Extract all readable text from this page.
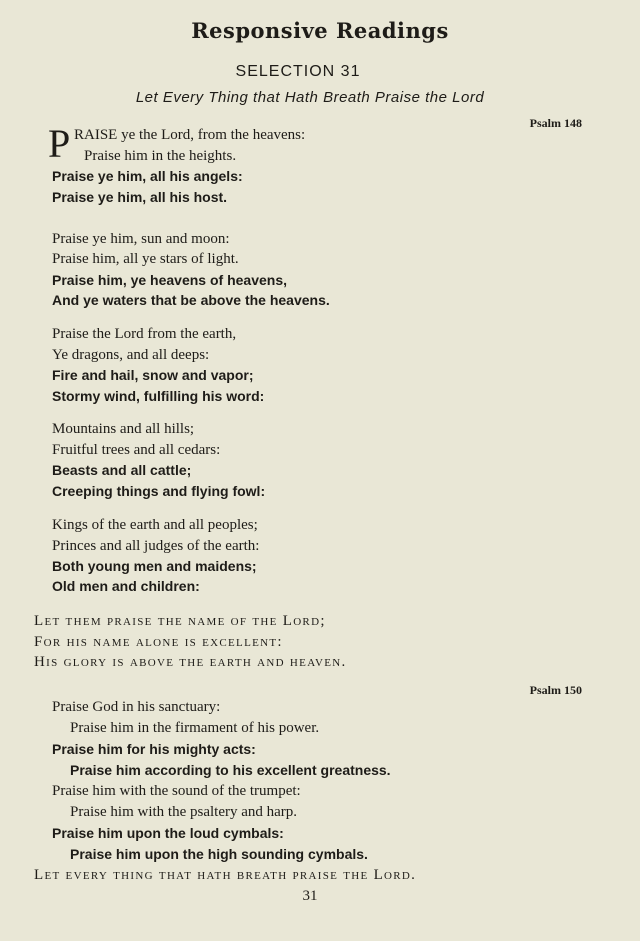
Responsive Readings
SELECTION 31
Let Every Thing that Hath Breath Praise the Lord
Psalm 148
P RAISE ye the Lord, from the heavens:
Praise him in the heights.
Praise ye him, all his angels:
Praise ye him, all his host.
Praise ye him, sun and moon:
Praise him, all ye stars of light.
Praise him, ye heavens of heavens,
And ye waters that be above the heavens.
Praise the Lord from the earth,
Ye dragons, and all deeps:
Fire and hail, snow and vapor;
Stormy wind, fulfilling his word:
Mountains and all hills;
Fruitful trees and all cedars:
Beasts and all cattle;
Creeping things and flying fowl:
Kings of the earth and all peoples;
Princes and all judges of the earth:
Both young men and maidens;
Old men and children:
Let them praise the name of the Lord;
For his name alone is excellent:
His glory is above the earth and heaven.
Psalm 150
Praise God in his sanctuary:
Praise him in the firmament of his power.
Praise him for his mighty acts:
Praise him according to his excellent greatness.
Praise him with the sound of the trumpet:
Praise him with the psaltery and harp.
Praise him upon the loud cymbals:
Praise him upon the high sounding cymbals.
Let every thing that hath breath praise the Lord.
31
